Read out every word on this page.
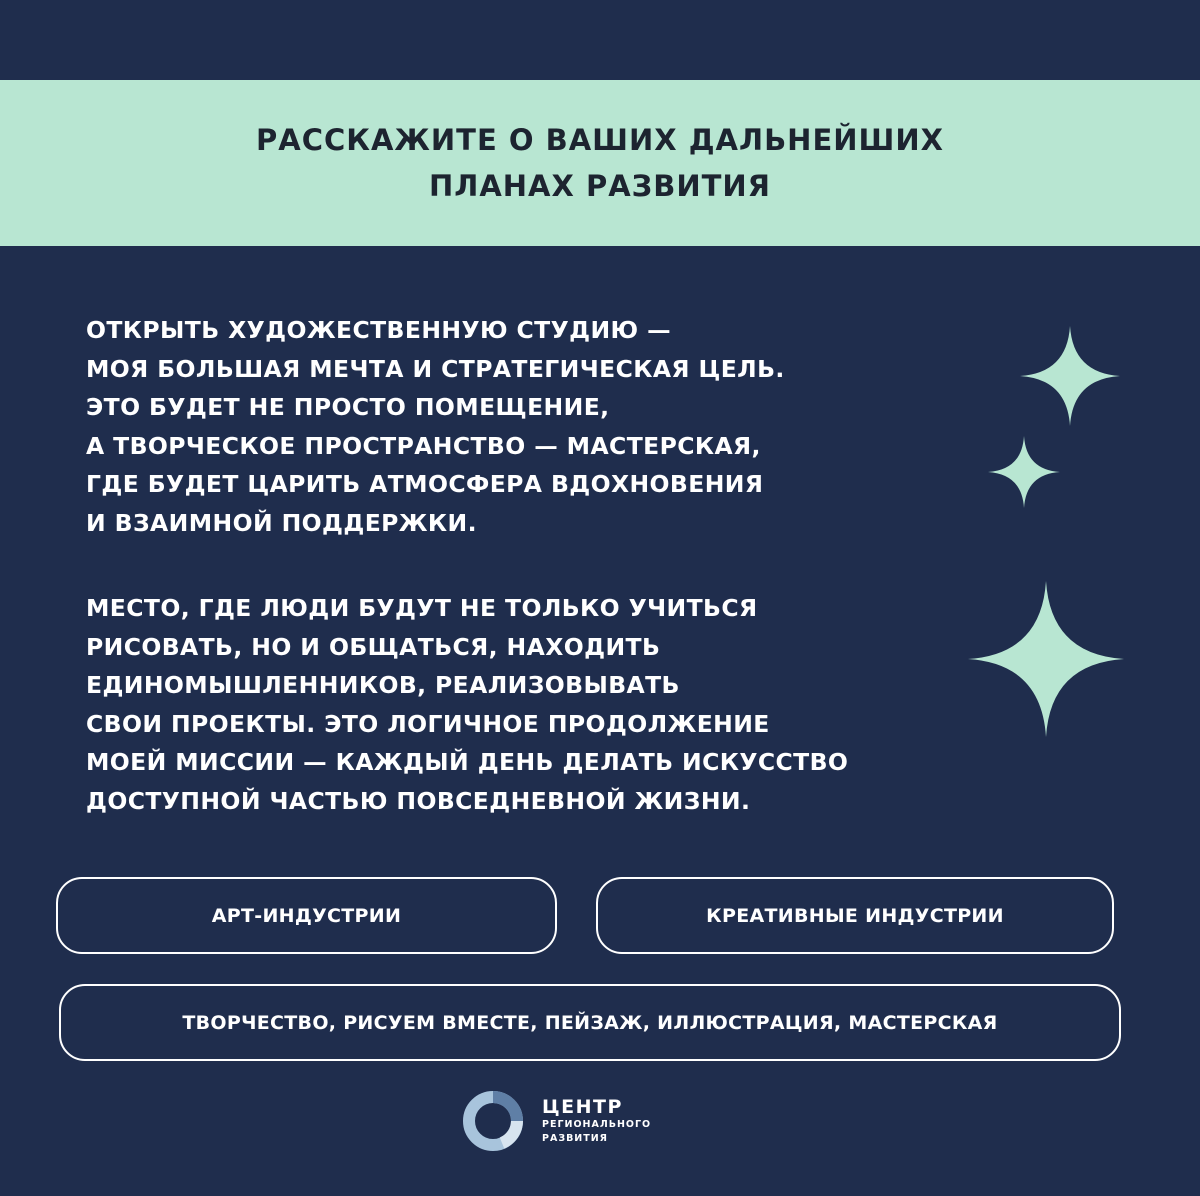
РАССКАЖИТЕ О ВАШИХ ДАЛЬНЕЙШИХ
ПЛАНАХ РАЗВИТИЯ
ОТКРЫТЬ ХУДОЖЕСТВЕННУЮ СТУДИЮ —
МОЯ БОЛЬШАЯ МЕЧТА И СТРАТЕГИЧЕСКАЯ ЦЕЛЬ.
ЭТО БУДЕТ НЕ ПРОСТО ПОМЕЩЕНИЕ,
А ТВОРЧЕСКОЕ ПРОСТРАНСТВО — МАСТЕРСКАЯ,
ГДЕ БУДЕТ ЦАРИТЬ АТМОСФЕРА ВДОХНОВЕНИЯ
И ВЗАИМНОЙ ПОДДЕРЖКИ.
МЕСТО, ГДЕ ЛЮДИ БУДУТ НЕ ТОЛЬКО УЧИТЬСЯ
РИСОВАТЬ, НО И ОБЩАТЬСЯ, НАХОДИТЬ
ЕДИНОМЫШЛЕННИКОВ, РЕАЛИЗОВЫВАТЬ
СВОИ ПРОЕКТЫ. ЭТО ЛОГИЧНОЕ ПРОДОЛЖЕНИЕ
МОЕЙ МИССИИ — КАЖДЫЙ ДЕНЬ ДЕЛАТЬ ИСКУССТВО
ДОСТУПНОЙ ЧАСТЬЮ ПОВСЕДНЕВНОЙ ЖИЗНИ.
АРТ-ИНДУСТРИИ	КРЕАТИВНЫЕ ИНДУСТРИИ
ТВОРЧЕСТВО, РИСУЕМ ВМЕСТЕ, ПЕЙЗАЖ, ИЛЛЮСТРАЦИЯ, МАСТЕРСКАЯ
ЦЕНТР
РЕГИОНАЛЬНОГО
РАЗВИТИЯ
